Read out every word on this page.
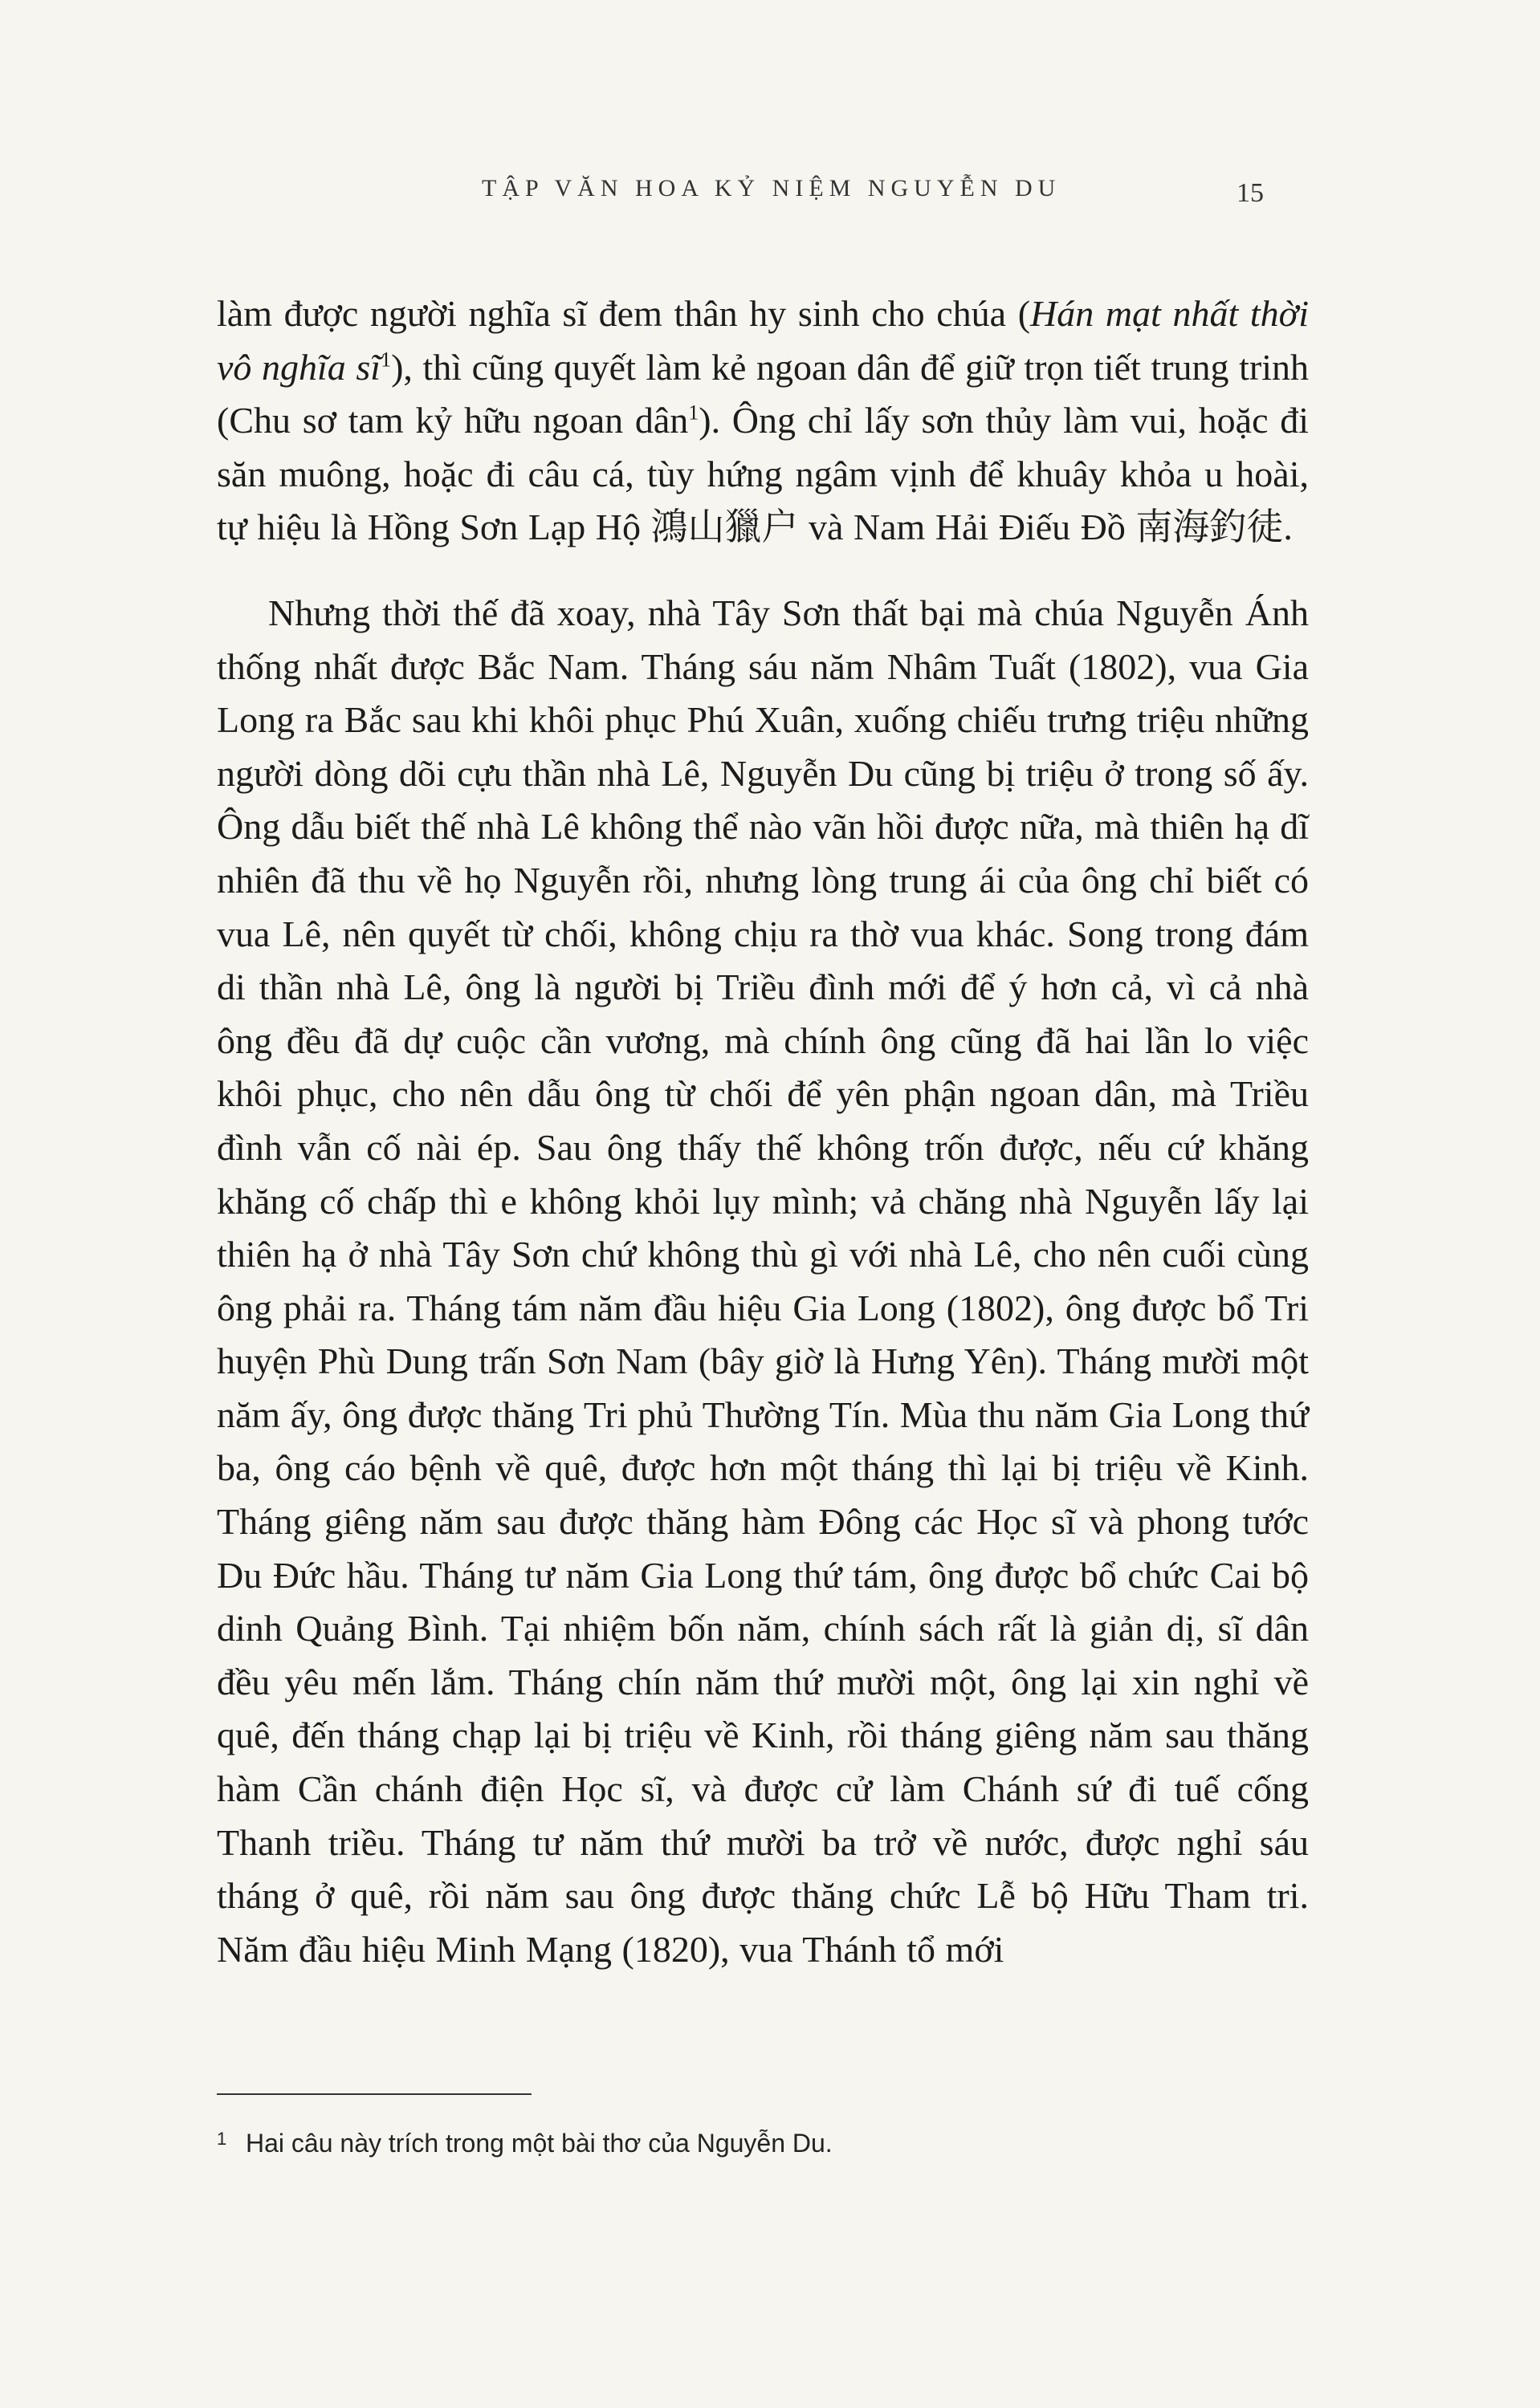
TẬP VĂN HOA KỶ NIỆM NGUYỄN DU	15

làm được người nghĩa sĩ đem thân hy sinh cho chúa (Hán mạt nhất thời vô nghĩa $sĩ^1$), thì cũng quyết làm kẻ ngoan dân để giữ trọn tiết trung trinh (Chu sơ tam kỷ hữu ngoan dân$^1$). Ông chỉ lấy sơn thủy làm vui, hoặc đi săn muông, hoặc đi câu cá, tùy hứng ngâm vịnh để khuây khỏa u hoài, tự hiệu là Hồng Sơn Lạp Hộ 鴻山獵户 và Nam Hải Điếu Đồ 南海釣徒.

Nhưng thời thế đã xoay, nhà Tây Sơn thất bại mà chúa Nguyễn Ánh thống nhất được Bắc Nam. Tháng sáu năm Nhâm Tuất (1802), vua Gia Long ra Bắc sau khi khôi phục Phú Xuân, xuống chiếu trưng triệu những người dòng dõi cựu thần nhà Lê, Nguyễn Du cũng bị triệu ở trong số ấy. Ông dẫu biết thế nhà Lê không thể nào vãn hồi được nữa, mà thiên hạ dĩ nhiên đã thu về họ Nguyễn rồi, nhưng lòng trung ái của ông chỉ biết có vua Lê, nên quyết từ chối, không chịu ra thờ vua khác. Song trong đám di thần nhà Lê, ông là người bị Triều đình mới để ý hơn cả, vì cả nhà ông đều đã dự cuộc cần vương, mà chính ông cũng đã hai lần lo việc khôi phục, cho nên dẫu ông từ chối để yên phận ngoan dân, mà Triều đình vẫn cố nài ép. Sau ông thấy thế không trốn được, nếu cứ khăng khăng cố chấp thì e không khỏi lụy mình; vả chăng nhà Nguyễn lấy lại thiên hạ ở nhà Tây Sơn chứ không thù gì với nhà Lê, cho nên cuối cùng ông phải ra. Tháng tám năm đầu hiệu Gia Long (1802), ông được bổ Tri huyện Phù Dung trấn Sơn Nam (bây giờ là Hưng Yên). Tháng mười một năm ấy, ông được thăng Tri phủ Thường Tín. Mùa thu năm Gia Long thứ ba, ông cáo bệnh về quê, được hơn một tháng thì lại bị triệu về Kinh. Tháng giêng năm sau được thăng hàm Đông các Học sĩ và phong tước Du Đức hầu. Tháng tư năm Gia Long thứ tám, ông được bổ chức Cai bộ dinh Quảng Bình. Tại nhiệm bốn năm, chính sách rất là giản dị, sĩ dân đều yêu mến lắm. Tháng chín năm thứ mười một, ông lại xin nghỉ về quê, đến tháng chạp lại bị triệu về Kinh, rồi tháng giêng năm sau thăng hàm Cần chánh điện Học sĩ, và được cử làm Chánh sứ đi tuế cống Thanh triều. Tháng tư năm thứ mười ba trở về nước, được nghỉ sáu tháng ở quê, rồi năm sau ông được thăng chức Lễ bộ Hữu Tham tri. Năm đầu hiệu Minh Mạng (1820), vua Thánh tổ mới

1 Hai câu này trích trong một bài thơ của Nguyễn Du.
